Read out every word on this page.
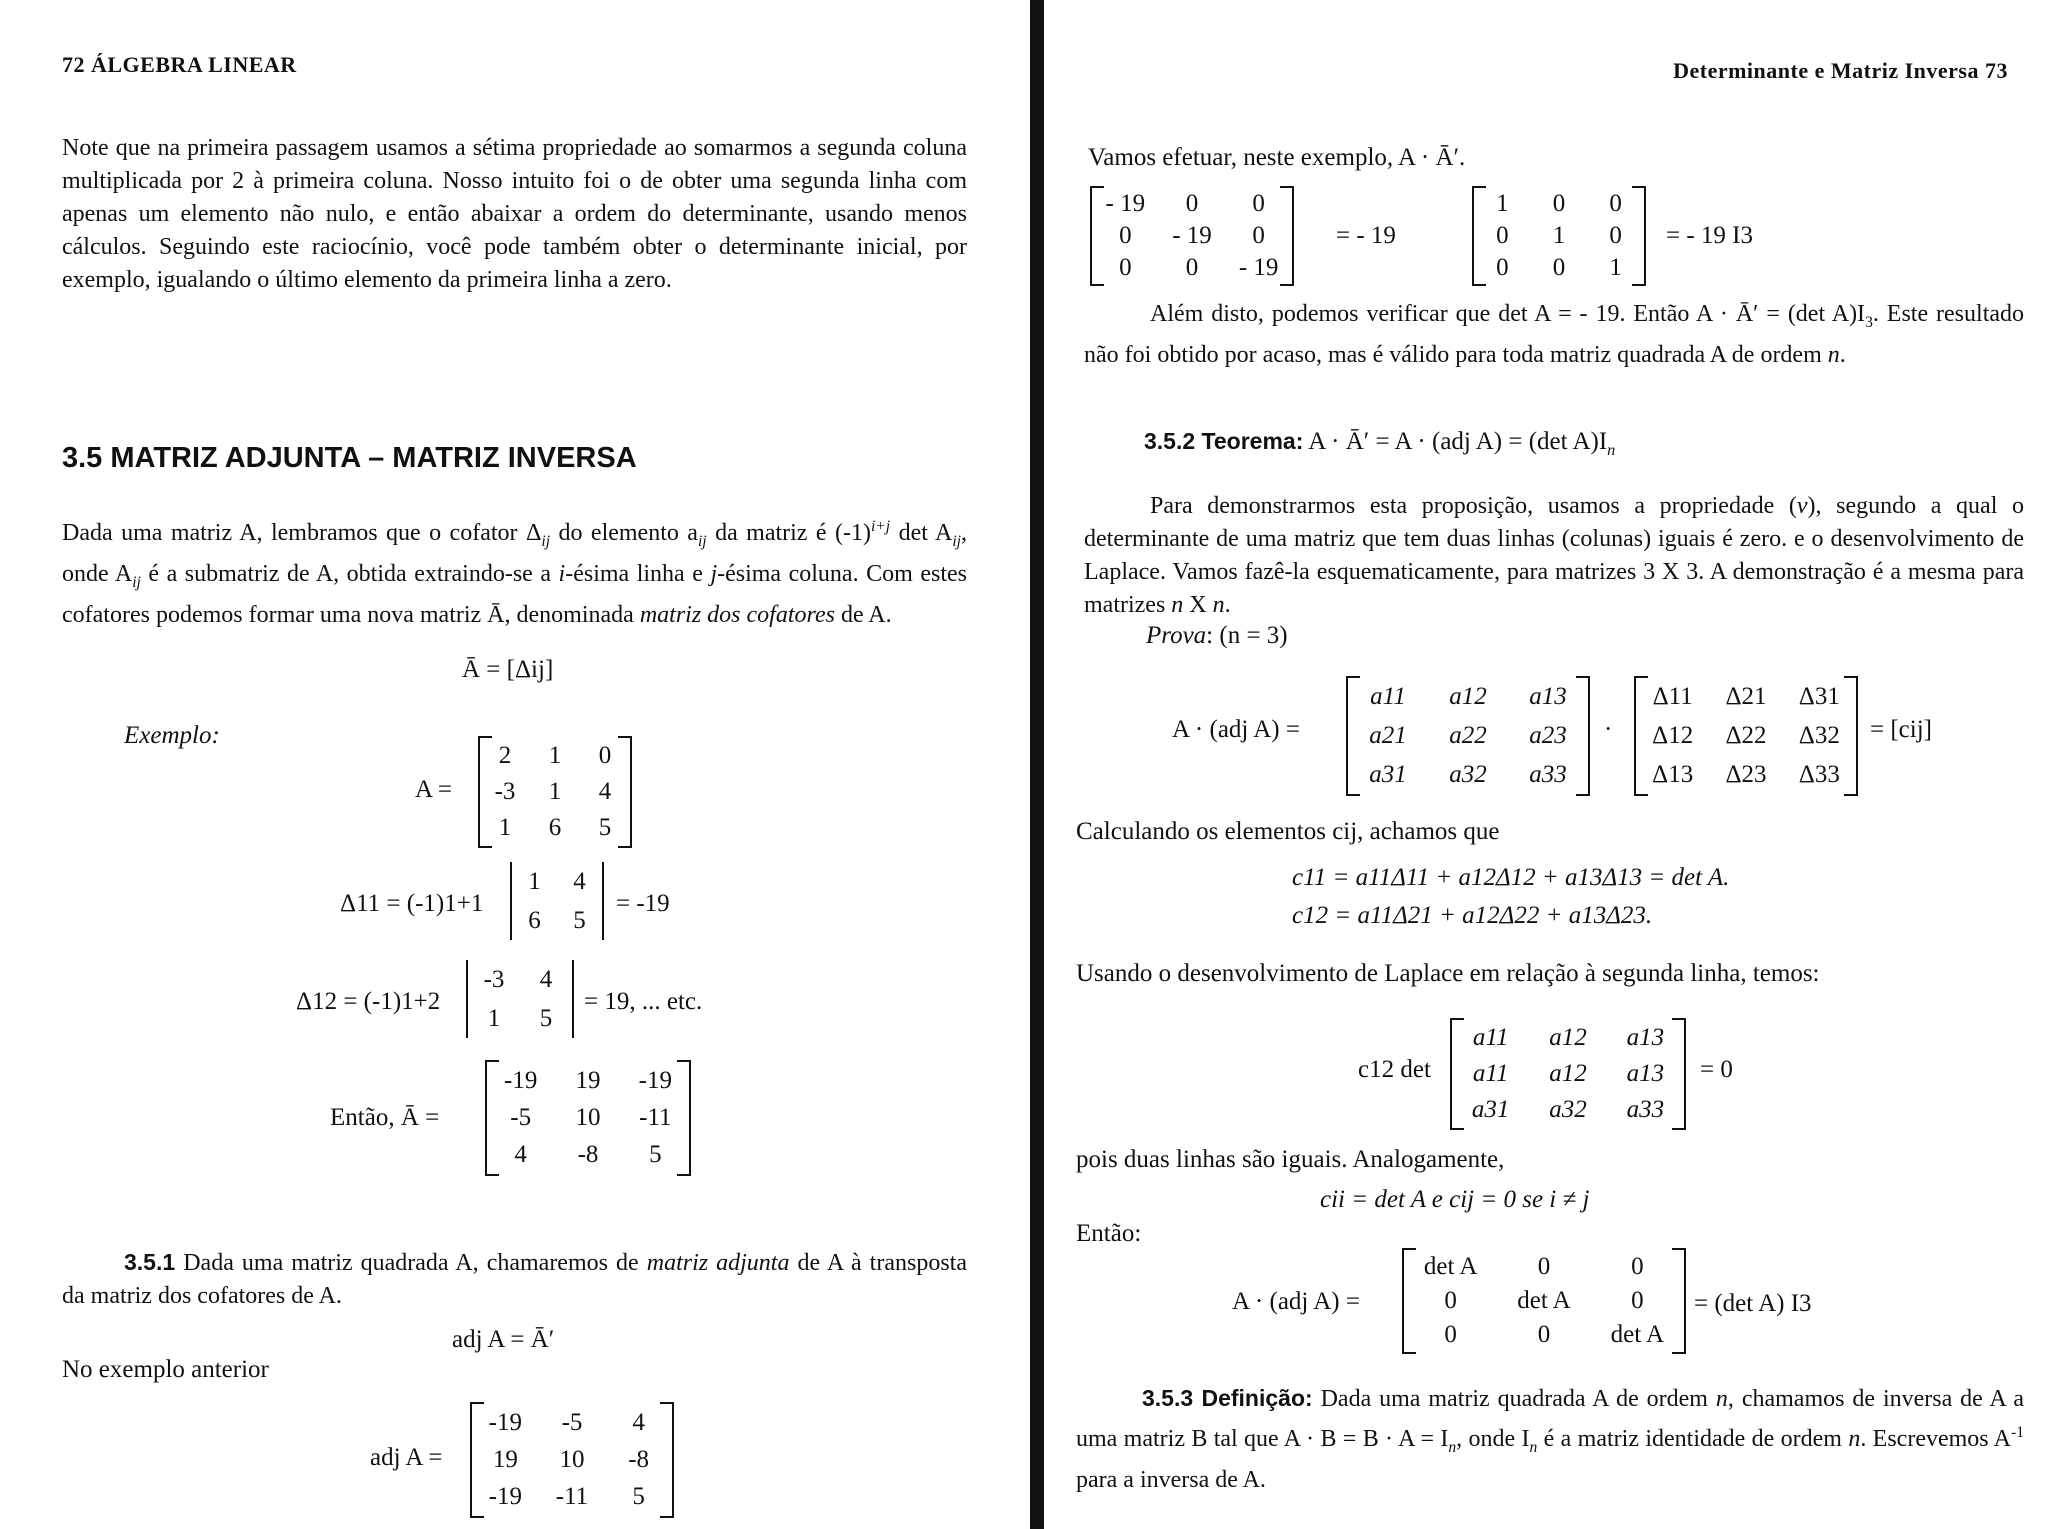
72 ÁLGEBRA LINEAR
Note que na primeira passagem usamos a sétima propriedade ao somarmos a segunda coluna multiplicada por 2 à primeira coluna. Nosso intuito foi o de obter uma segunda linha com apenas um elemento não nulo, e então abaixar a ordem do determinante, usando menos cálculos. Seguindo este raciocínio, você pode também obter o determinante inicial, por exemplo, igualando o último elemento da primeira linha a zero.
3.5 MATRIZ ADJUNTA – MATRIZ INVERSA
Dada uma matriz A, lembramos que o cofator $\Delta_{ij}$ do elemento $a_{ij}$ da matriz é $(-1)^{i+j}$ $\det A_{ij}$, onde $A_{ij}$ é a submatriz de A, obtida extraindo-se a i-ésima linha e j-ésima coluna. Com estes cofatores podemos formar uma nova matriz Ā, denominada matriz dos cofatores de A.
Ā = [Δij]
Exemplo:
A =
2	1	0
-3	1	4
1	6	5
Δ11 = (-1)1+1
1	4
6	5
= -19
Δ12 = (-1)1+2
-3	4
1	5
= 19, ... etc.
Então, Ā =
-19	19	-19
-5	10	-11
4	-8	5
3.5.1 Dada uma matriz quadrada A, chamaremos de matriz adjunta de A à transposta da matriz dos cofatores de A.
adj A = Ā′
No exemplo anterior
adj A =
-19	-5	4
19	10	-8
-19	-11	5
Determinante e Matriz Inversa 73
Vamos efetuar, neste exemplo, A · Ā′.
- 19	0	0
0	- 19	0
0	0	- 19
= - 19
1	0	0
0	1	0
0	0	1
= - 19 I3
Além disto, podemos verificar que det A = - 19. Então A · Ā′ = (det $A)I_3$. Este resultado não foi obtido por acaso, mas é válido para toda matriz quadrada A de ordem n.
3.5.2 Teorema: A · Ā′ = A · (adj A) = (det $A)I_n$
Para demonstrarmos esta proposição, usamos a propriedade (v), segundo a qual o determinante de uma matriz que tem duas linhas (colunas) iguais é zero. e o desenvolvimento de Laplace. Vamos fazê-la esquematicamente, para matrizes 3 X 3. A demonstração é a mesma para matrizes n X n.
Prova: (n = 3)
A · (adj A) =
a11	a12	a13
a21	a22	a23
a31	a32	a33
·
Δ11	Δ21	Δ31
Δ12	Δ22	Δ32
Δ13	Δ23	Δ33
= [cij]
Calculando os elementos cij, achamos que
c11 = a11Δ11 + a12Δ12 + a13Δ13 = det A.
c12 = a11Δ21 + a12Δ22 + a13Δ23.
Usando o desenvolvimento de Laplace em relação à segunda linha, temos:
c12 det
a11	a12	a13
a11	a12	a13
a31	a32	a33
= 0
pois duas linhas são iguais. Analogamente,
cii = det A e cij = 0 se i ≠ j
Então:
A · (adj A) =
det A	0	0
0	det A	0
0	0	det A
= (det A) I3
3.5.3 Definição: Dada uma matriz quadrada A de ordem n, chamamos de inversa de A a uma matriz B tal que $A \cdot B = B \cdot A = I_n$, onde $I_n$ é a matriz identidade de ordem n. Escrevemos $A^{-1}$ para a inversa de A.
